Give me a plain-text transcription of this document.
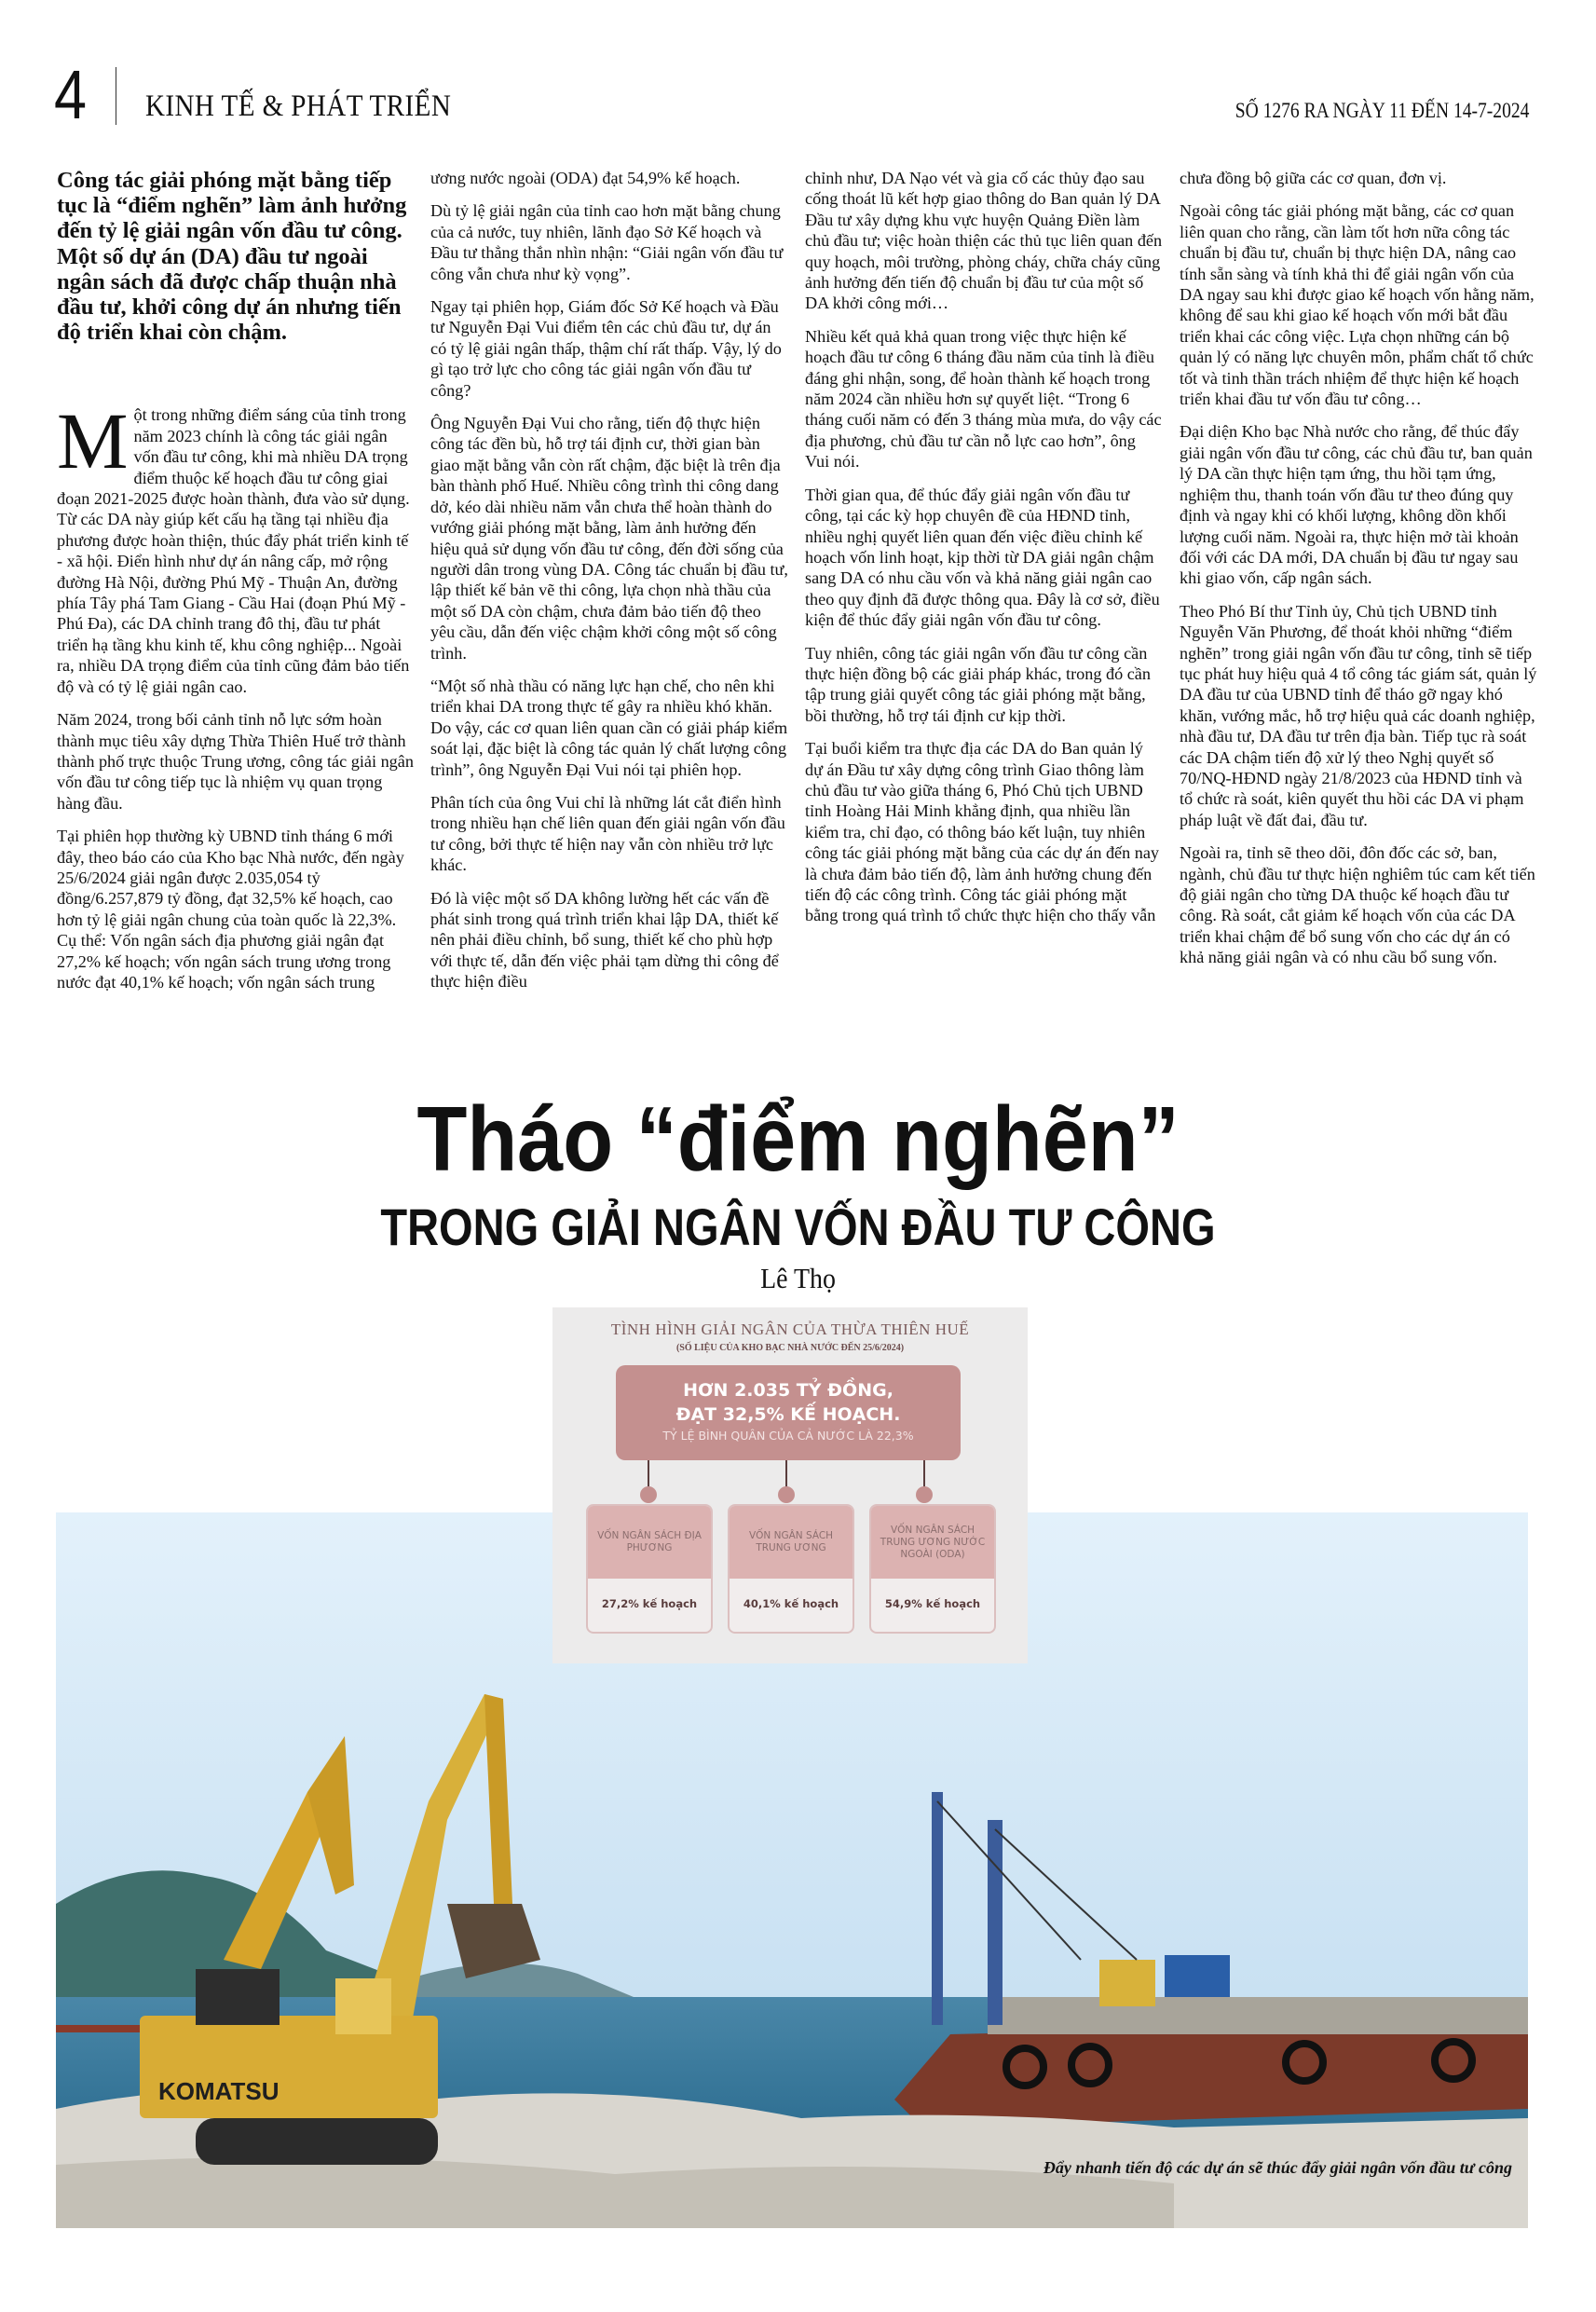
4 KINH TẾ & PHÁT TRIỂN	SỐ 1276 RA NGÀY 11 ĐẾN 14-7-2024

Công tác giải phóng mặt bằng tiếp tục là “điểm nghẽn” làm ảnh hưởng đến tỷ lệ giải ngân vốn đầu tư công. Một số dự án (DA) đầu tư ngoài ngân sách đã được chấp thuận nhà đầu tư, khởi công dự án nhưng tiến độ triển khai còn chậm.

Một trong những điểm sáng của tỉnh trong năm 2023 chính là công tác giải ngân vốn đầu tư công, khi mà nhiều DA trọng điểm thuộc kế hoạch đầu tư công giai đoạn 2021-2025 được hoàn thành, đưa vào sử dụng. Từ các DA này giúp kết cấu hạ tầng tại nhiều địa phương được hoàn thiện, thúc đẩy phát triển kinh tế - xã hội. Điển hình như dự án nâng cấp, mở rộng đường Hà Nội, đường Phú Mỹ - Thuận An, đường phía Tây phá Tam Giang - Cầu Hai (đoạn Phú Mỹ - Phú Đa), các DA chỉnh trang đô thị, đầu tư phát triển hạ tầng khu kinh tế, khu công nghiệp... Ngoài ra, nhiều DA trọng điểm của tỉnh cũng đảm bảo tiến độ và có tỷ lệ giải ngân cao.

Năm 2024, trong bối cảnh tỉnh nỗ lực sớm hoàn thành mục tiêu xây dựng Thừa Thiên Huế trở thành thành phố trực thuộc Trung ương, công tác giải ngân vốn đầu tư công tiếp tục là nhiệm vụ quan trọng hàng đầu.

Tại phiên họp thường kỳ UBND tỉnh tháng 6 mới đây, theo báo cáo của Kho bạc Nhà nước, đến ngày 25/6/2024 giải ngân được 2.035,054 tỷ đồng/6.257,879 tỷ đồng, đạt 32,5% kế hoạch, cao hơn tỷ lệ giải ngân chung của toàn quốc là 22,3%. Cụ thể: Vốn ngân sách địa phương giải ngân đạt 27,2% kế hoạch; vốn ngân sách trung ương trong nước đạt 40,1% kế hoạch; vốn ngân sách trung

ương nước ngoài (ODA) đạt 54,9% kế hoạch.

Dù tỷ lệ giải ngân của tỉnh cao hơn mặt bằng chung của cả nước, tuy nhiên, lãnh đạo Sở Kế hoạch và Đầu tư thẳng thắn nhìn nhận: “Giải ngân vốn đầu tư công vẫn chưa như kỳ vọng”.

Ngay tại phiên họp, Giám đốc Sở Kế hoạch và Đầu tư Nguyễn Đại Vui điểm tên các chủ đầu tư, dự án có tỷ lệ giải ngân thấp, thậm chí rất thấp. Vậy, lý do gì tạo trở lực cho công tác giải ngân vốn đầu tư công?

Ông Nguyễn Đại Vui cho rằng, tiến độ thực hiện công tác đền bù, hỗ trợ tái định cư, thời gian bàn giao mặt bằng vẫn còn rất chậm, đặc biệt là trên địa bàn thành phố Huế. Nhiều công trình thi công dang dở, kéo dài nhiều năm vẫn chưa thể hoàn thành do vướng giải phóng mặt bằng, làm ảnh hưởng đến hiệu quả sử dụng vốn đầu tư công, đến đời sống của người dân trong vùng DA. Công tác chuẩn bị đầu tư, lập thiết kế bản vẽ thi công, lựa chọn nhà thầu của một số DA còn chậm, chưa đảm bảo tiến độ theo yêu cầu, dẫn đến việc chậm khởi công một số công trình.

“Một số nhà thầu có năng lực hạn chế, cho nên khi triển khai DA trong thực tế gây ra nhiều khó khăn. Do vậy, các cơ quan liên quan cần có giải pháp kiểm soát lại, đặc biệt là công tác quản lý chất lượng công trình”, ông Nguyễn Đại Vui nói tại phiên họp.

Phân tích của ông Vui chỉ là những lát cắt điển hình trong nhiều hạn chế liên quan đến giải ngân vốn đầu tư công, bởi thực tế hiện nay vẫn còn nhiều trở lực khác.

Đó là việc một số DA không lường hết các vấn đề phát sinh trong quá trình triển khai lập DA, thiết kế nên phải điều chỉnh, bổ sung, thiết kế cho phù hợp với thực tế, dẫn đến việc phải tạm dừng thi công để thực hiện điều

chỉnh như, DA Nạo vét và gia cố các thủy đạo sau cống thoát lũ kết hợp giao thông do Ban quản lý DA Đầu tư xây dựng khu vực huyện Quảng Điền làm chủ đầu tư; việc hoàn thiện các thủ tục liên quan đến quy hoạch, môi trường, phòng cháy, chữa cháy cũng ảnh hưởng đến tiến độ chuẩn bị đầu tư của một số DA khởi công mới…

Nhiều kết quả khả quan trong việc thực hiện kế hoạch đầu tư công 6 tháng đầu năm của tỉnh là điều đáng ghi nhận, song, để hoàn thành kế hoạch trong năm 2024 cần nhiều hơn sự quyết liệt. “Trong 6 tháng cuối năm có đến 3 tháng mùa mưa, do vậy các địa phương, chủ đầu tư cần nỗ lực cao hơn”, ông Vui nói.

Thời gian qua, để thúc đẩy giải ngân vốn đầu tư công, tại các kỳ họp chuyên đề của HĐND tỉnh, nhiều nghị quyết liên quan đến việc điều chỉnh kế hoạch vốn linh hoạt, kịp thời từ DA giải ngân chậm sang DA có nhu cầu vốn và khả năng giải ngân cao theo quy định đã được thông qua. Đây là cơ sở, điều kiện để thúc đẩy giải ngân vốn đầu tư công.

Tuy nhiên, công tác giải ngân vốn đầu tư công cần thực hiện đồng bộ các giải pháp khác, trong đó cần tập trung giải quyết công tác giải phóng mặt bằng, bồi thường, hỗ trợ tái định cư kịp thời.

Tại buổi kiểm tra thực địa các DA do Ban quản lý dự án Đầu tư xây dựng công trình Giao thông làm chủ đầu tư vào giữa tháng 6, Phó Chủ tịch UBND tỉnh Hoàng Hải Minh khẳng định, qua nhiều lần kiểm tra, chỉ đạo, có thông báo kết luận, tuy nhiên công tác giải phóng mặt bằng của các dự án đến nay là chưa đảm bảo tiến độ, làm ảnh hưởng chung đến tiến độ các công trình. Công tác giải phóng mặt bằng trong quá trình tổ chức thực hiện cho thấy vẫn

chưa đồng bộ giữa các cơ quan, đơn vị.

Ngoài công tác giải phóng mặt bằng, các cơ quan liên quan cho rằng, cần làm tốt hơn nữa công tác chuẩn bị đầu tư, chuẩn bị thực hiện DA, nâng cao tính sẵn sàng và tính khả thi để giải ngân vốn của DA ngay sau khi được giao kế hoạch vốn hằng năm, không để sau khi giao kế hoạch vốn mới bắt đầu triển khai các công việc. Lựa chọn những cán bộ quản lý có năng lực chuyên môn, phẩm chất tổ chức tốt và tinh thần trách nhiệm để thực hiện kế hoạch triển khai đầu tư vốn đầu tư công…

Đại diện Kho bạc Nhà nước cho rằng, để thúc đẩy giải ngân vốn đầu tư công, các chủ đầu tư, ban quản lý DA cần thực hiện tạm ứng, thu hồi tạm ứng, nghiệm thu, thanh toán vốn đầu tư theo đúng quy định và ngay khi có khối lượng, không dồn khối lượng cuối năm. Ngoài ra, thực hiện mở tài khoản đối với các DA mới, DA chuẩn bị đầu tư ngay sau khi giao vốn, cấp ngân sách.

Theo Phó Bí thư Tỉnh ủy, Chủ tịch UBND tỉnh Nguyễn Văn Phương, để thoát khỏi những “điểm nghẽn” trong giải ngân vốn đầu tư công, tỉnh sẽ tiếp tục phát huy hiệu quả 4 tổ công tác giám sát, quản lý DA đầu tư của UBND tỉnh để tháo gỡ ngay khó khăn, vướng mắc, hỗ trợ hiệu quả các doanh nghiệp, nhà đầu tư, DA đầu tư trên địa bàn. Tiếp tục rà soát các DA chậm tiến độ xử lý theo Nghị quyết số 70/NQ-HĐND ngày 21/8/2023 của HĐND tỉnh và tổ chức rà soát, kiên quyết thu hồi các DA vi phạm pháp luật về đất đai, đầu tư.

Ngoài ra, tỉnh sẽ theo dõi, đôn đốc các sở, ban, ngành, chủ đầu tư thực hiện nghiêm túc cam kết tiến độ giải ngân cho từng DA thuộc kế hoạch đầu tư công. Rà soát, cắt giảm kế hoạch vốn của các DA triển khai chậm để bổ sung vốn cho các dự án có khả năng giải ngân và có nhu cầu bổ sung vốn.

Tháo “điểm nghẽn”
TRONG GIẢI NGÂN VỐN ĐẦU TƯ CÔNG
Lê Thọ
KOMATSU
TÌNH HÌNH GIẢI NGÂN CỦA THỪA THIÊN HUẾ
(SỐ LIỆU CỦA KHO BẠC NHÀ NƯỚC ĐẾN 25/6/2024)
HƠN 2.035 TỶ ĐỒNG,
ĐẠT 32,5% KẾ HOẠCH.
TỶ LỆ BÌNH QUÂN CỦA CẢ NƯỚC LÀ 22,3%
VỐN NGÂN SÁCH ĐỊA PHƯƠNG
27,2% kế hoạch
VỐN NGÂN SÁCH TRUNG ƯƠNG
40,1% kế hoạch
VỐN NGÂN SÁCH TRUNG ƯƠNG NƯỚC NGOÀI (ODA)
54,9% kế hoạch
Đẩy nhanh tiến độ các dự án sẽ thúc đẩy giải ngân vốn đầu tư công
